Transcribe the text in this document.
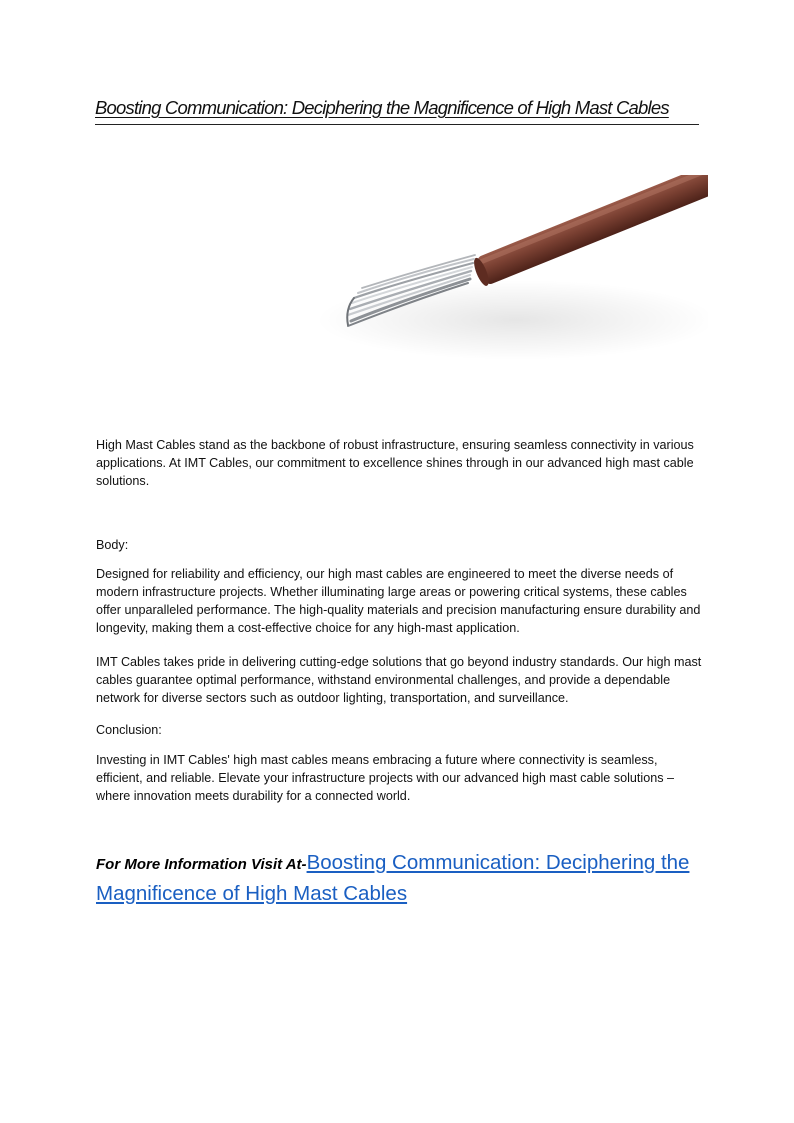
Boosting Communication: Deciphering the Magnificence of High Mast Cables

High Mast Cables stand as the backbone of robust infrastructure, ensuring seamless connectivity in various applications. At IMT Cables, our commitment to excellence shines through in our advanced high mast cable solutions.

Body:

Designed for reliability and efficiency, our high mast cables are engineered to meet the diverse needs of modern infrastructure projects. Whether illuminating large areas or powering critical systems, these cables offer unparalleled performance. The high-quality materials and precision manufacturing ensure durability and longevity, making them a cost-effective choice for any high-mast application.

IMT Cables takes pride in delivering cutting-edge solutions that go beyond industry standards. Our high mast cables guarantee optimal performance, withstand environmental challenges, and provide a dependable network for diverse sectors such as outdoor lighting, transportation, and surveillance.

Conclusion:

Investing in IMT Cables' high mast cables means embracing a future where connectivity is seamless, efficient, and reliable. Elevate your infrastructure projects with our advanced high mast cable solutions – where innovation meets durability for a connected world.

For More Information Visit At-Boosting Communication: Deciphering the Magnificence of High Mast Cables
